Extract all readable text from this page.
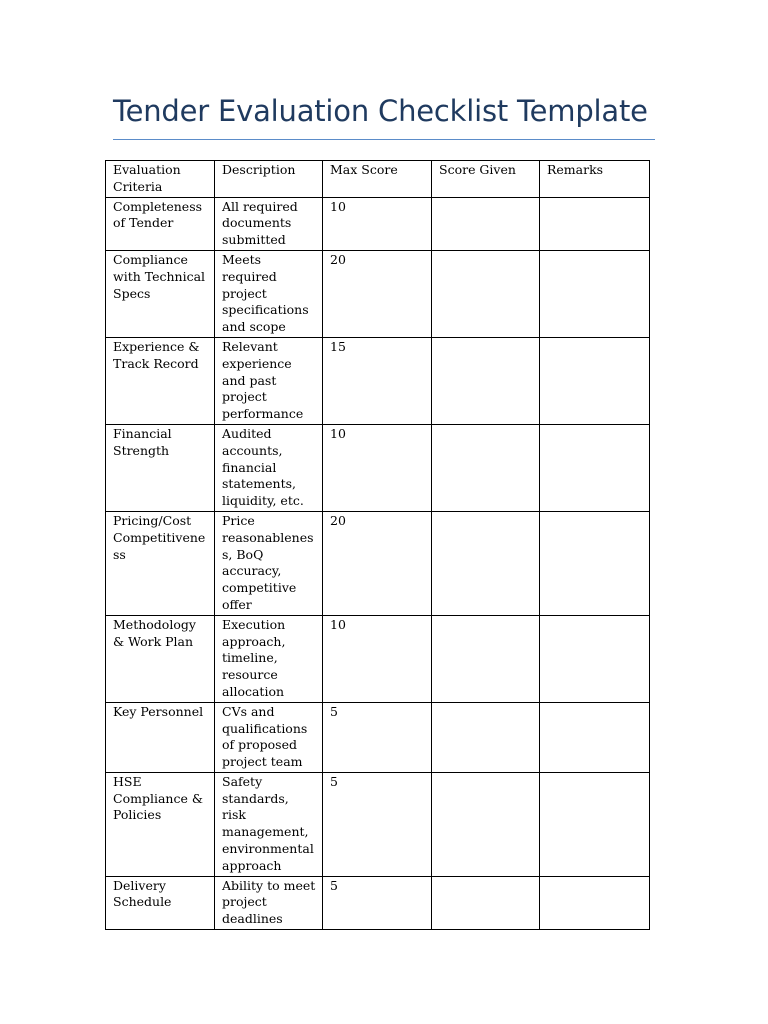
Tender Evaluation Checklist Template
Evaluation Criteria	Description	Max Score	Score Given	Remarks
Completeness of Tender	All required documents submitted	10		
Compliance with Technical Specs	Meets required project specifications and scope	20		
Experience & Track Record	Relevant experience and past project performance	15		
Financial Strength	Audited accounts, financial statements, liquidity, etc.	10		
Pricing/Cost Competitiveness	Price reasonableness, BoQ accuracy, competitive offer	20		
Methodology & Work Plan	Execution approach, timeline, resource allocation	10		
Key Personnel	CVs and qualifications of proposed project team	5		
HSE Compliance & Policies	Safety standards, risk management, environmental approach	5		
Delivery Schedule	Ability to meet project deadlines	5		
